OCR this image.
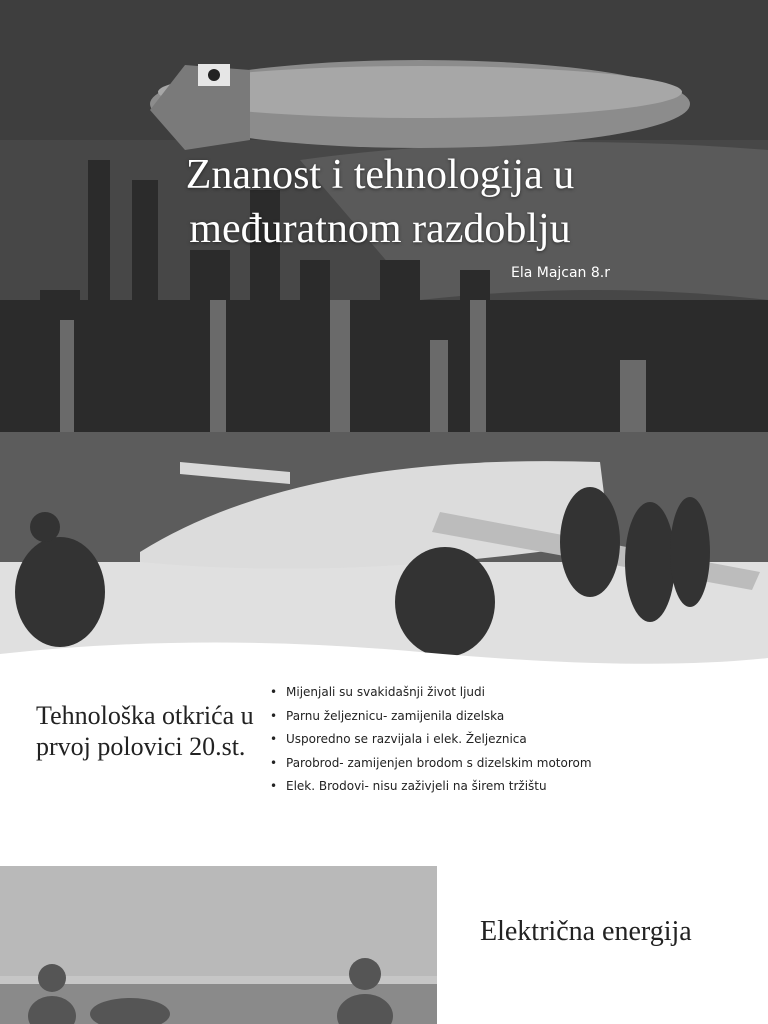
Znanost i tehnologija u međuratnom razdoblju
Ela Majcan 8.r
Tehnološka otkrića u prvoj polovici 20.st.
• Mijenjali su svakidašnji život ljudi
• Parnu željeznicu- zamijenila dizelska
• Usporedno se razvijala i elek. Željeznica
• Parobrod- zamijenjen brodom s dizelskim motorom
• Elek. Brodovi- nisu zaživjeli na širem tržištu
Električna energija
